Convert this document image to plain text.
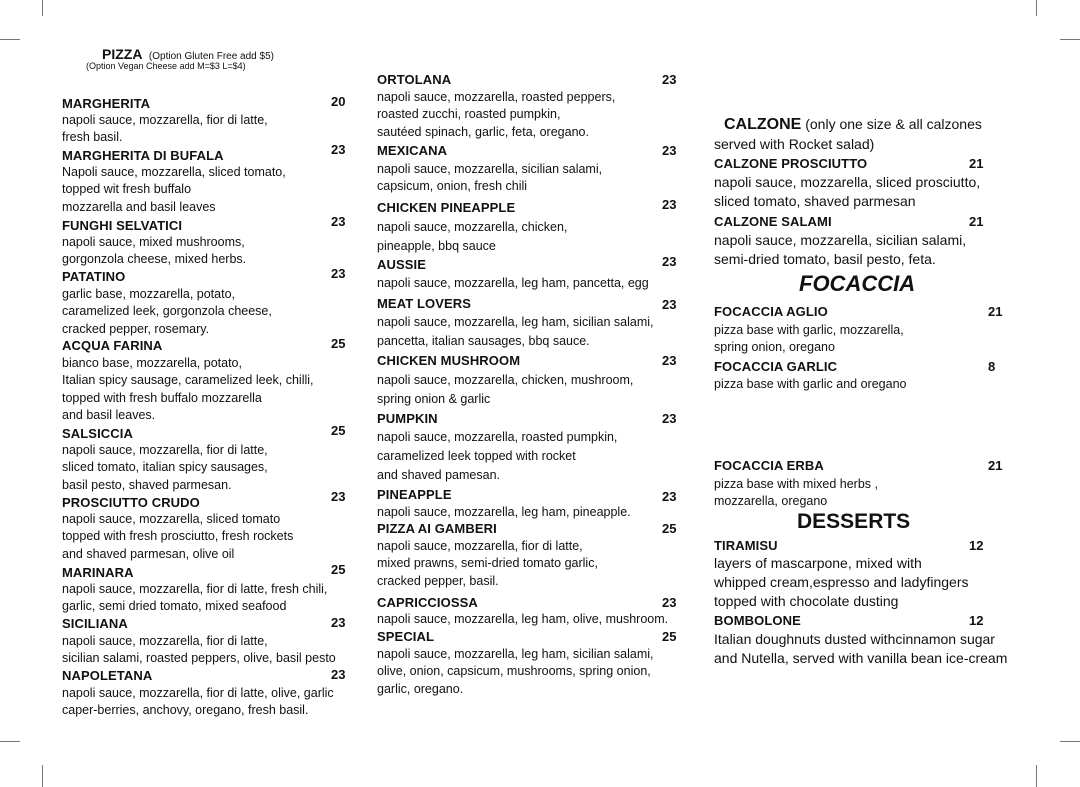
PIZZA (Option Gluten Free add $5)
(Option Vegan Cheese add M=$3 L=$4)
MARGHERITA	20
napoli sauce, mozzarella, fior di latte,
fresh basil.
MARGHERITA DI BUFALA	23
Napoli sauce, mozzarella, sliced tomato,
topped wit fresh buffalo
mozzarella and basil leaves
FUNGHI SELVATICI	23
napoli sauce, mixed mushrooms,
gorgonzola cheese, mixed herbs.
PATATINO	23
garlic base, mozzarella, potato,
caramelized leek, gorgonzola cheese,
cracked pepper, rosemary.
ACQUA FARINA	25
bianco base, mozzarella, potato,
Italian spicy sausage, caramelized leek, chilli,
topped with fresh buffalo mozzarella
and basil leaves.
SALSICCIA	25
napoli sauce, mozzarella, fior di latte,
sliced tomato, italian spicy sausages,
basil pesto, shaved parmesan.
PROSCIUTTO CRUDO	23
napoli sauce, mozzarella, sliced tomato
topped with fresh prosciutto, fresh rockets
and shaved parmesan, olive oil
MARINARA	25
napoli sauce, mozzarella, fior di latte, fresh chili,
garlic, semi dried tomato, mixed seafood
SICILIANA	23
napoli sauce, mozzarella, fior di latte,
sicilian salami, roasted peppers, olive, basil pesto
NAPOLETANA	23
napoli sauce, mozzarella, fior di latte, olive, garlic
caper-berries, anchovy, oregano, fresh basil.
ORTOLANA	23
napoli sauce, mozzarella, roasted peppers,
roasted zucchi, roasted pumpkin,
sautéed spinach, garlic, feta, oregano.
MEXICANA	23
napoli sauce, mozzarella, sicilian salami,
capsicum, onion, fresh chili
CHICKEN PINEAPPLE	23
napoli sauce, mozzarella, chicken,
pineapple, bbq sauce
AUSSIE	23
napoli sauce, mozzarella, leg ham, pancetta, egg
MEAT LOVERS	23
napoli sauce, mozzarella, leg ham, sicilian salami,
pancetta, italian sausages, bbq sauce.
CHICKEN MUSHROOM	23
napoli sauce, mozzarella, chicken, mushroom,
spring onion & garlic
PUMPKIN	23
napoli sauce, mozzarella, roasted pumpkin,
caramelized leek topped with rocket
and shaved pamesan.
PINEAPPLE	23
napoli sauce, mozzarella, leg ham, pineapple.
PIZZA AI GAMBERI	25
napoli sauce, mozzarella, fior di latte,
mixed prawns, semi-dried tomato garlic,
cracked pepper, basil.
CAPRICCIOSSA	23
napoli sauce, mozzarella, leg ham, olive, mushroom.
SPECIAL	25
napoli sauce, mozzarella, leg ham, sicilian salami,
olive, onion, capsicum, mushrooms, spring onion,
garlic, oregano.
CALZONE (only one size & all calzones
served with Rocket salad)
CALZONE PROSCIUTTO	21
napoli sauce, mozzarella, sliced prosciutto,
sliced tomato, shaved parmesan
CALZONE SALAMI	21
napoli sauce, mozzarella, sicilian salami,
semi-dried tomato, basil pesto, feta.
FOCACCIA AGLIO	21
pizza base with garlic, mozzarella,
spring onion, oregano
FOCACCIA GARLIC	8
pizza base with garlic and oregano
FOCACCIA ERBA	21
pizza base with mixed herbs ,
mozzarella, oregano
TIRAMISU	12
layers of mascarpone, mixed with
whipped cream,espresso and ladyfingers
topped with chocolate dusting
BOMBOLONE	12
Italian doughnuts dusted withcinnamon sugar
and Nutella, served with vanilla bean ice-cream
FOCACCIA
DESSERTS
